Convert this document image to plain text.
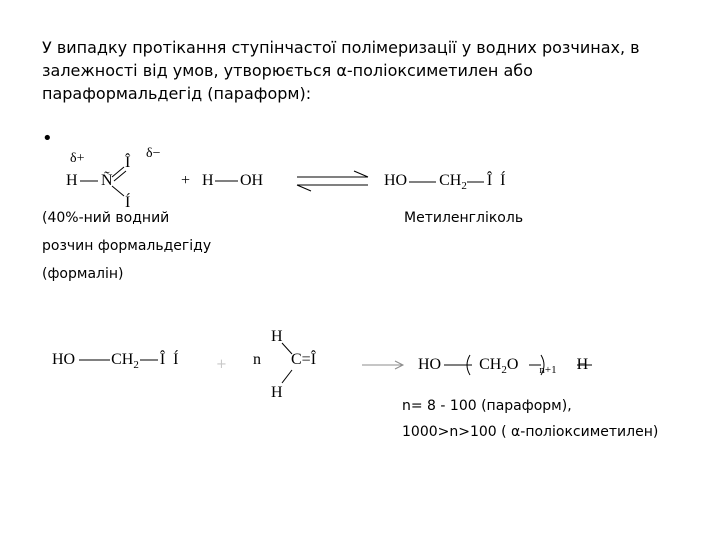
У випадку протікання ступінчастої полімеризації у водних розчинах, в залежності від умов, утворюється α-поліоксиметилен або параформальдегід (параформ):
•
δ+	δ−
H Ñ
Î
Í
+ H OH	HO $CH_2$ Î Í
(40%-ний водний
розчин формальдегіду
(формалін)
Метиленгліколь
HO $CH_2$ Î Í	+ n
H
C=Î
H
HO $CH_2O$ $_{n+1}$ H
n= 8 - 100 (параформ),
1000>n>100 ( α-поліоксиметилен)
